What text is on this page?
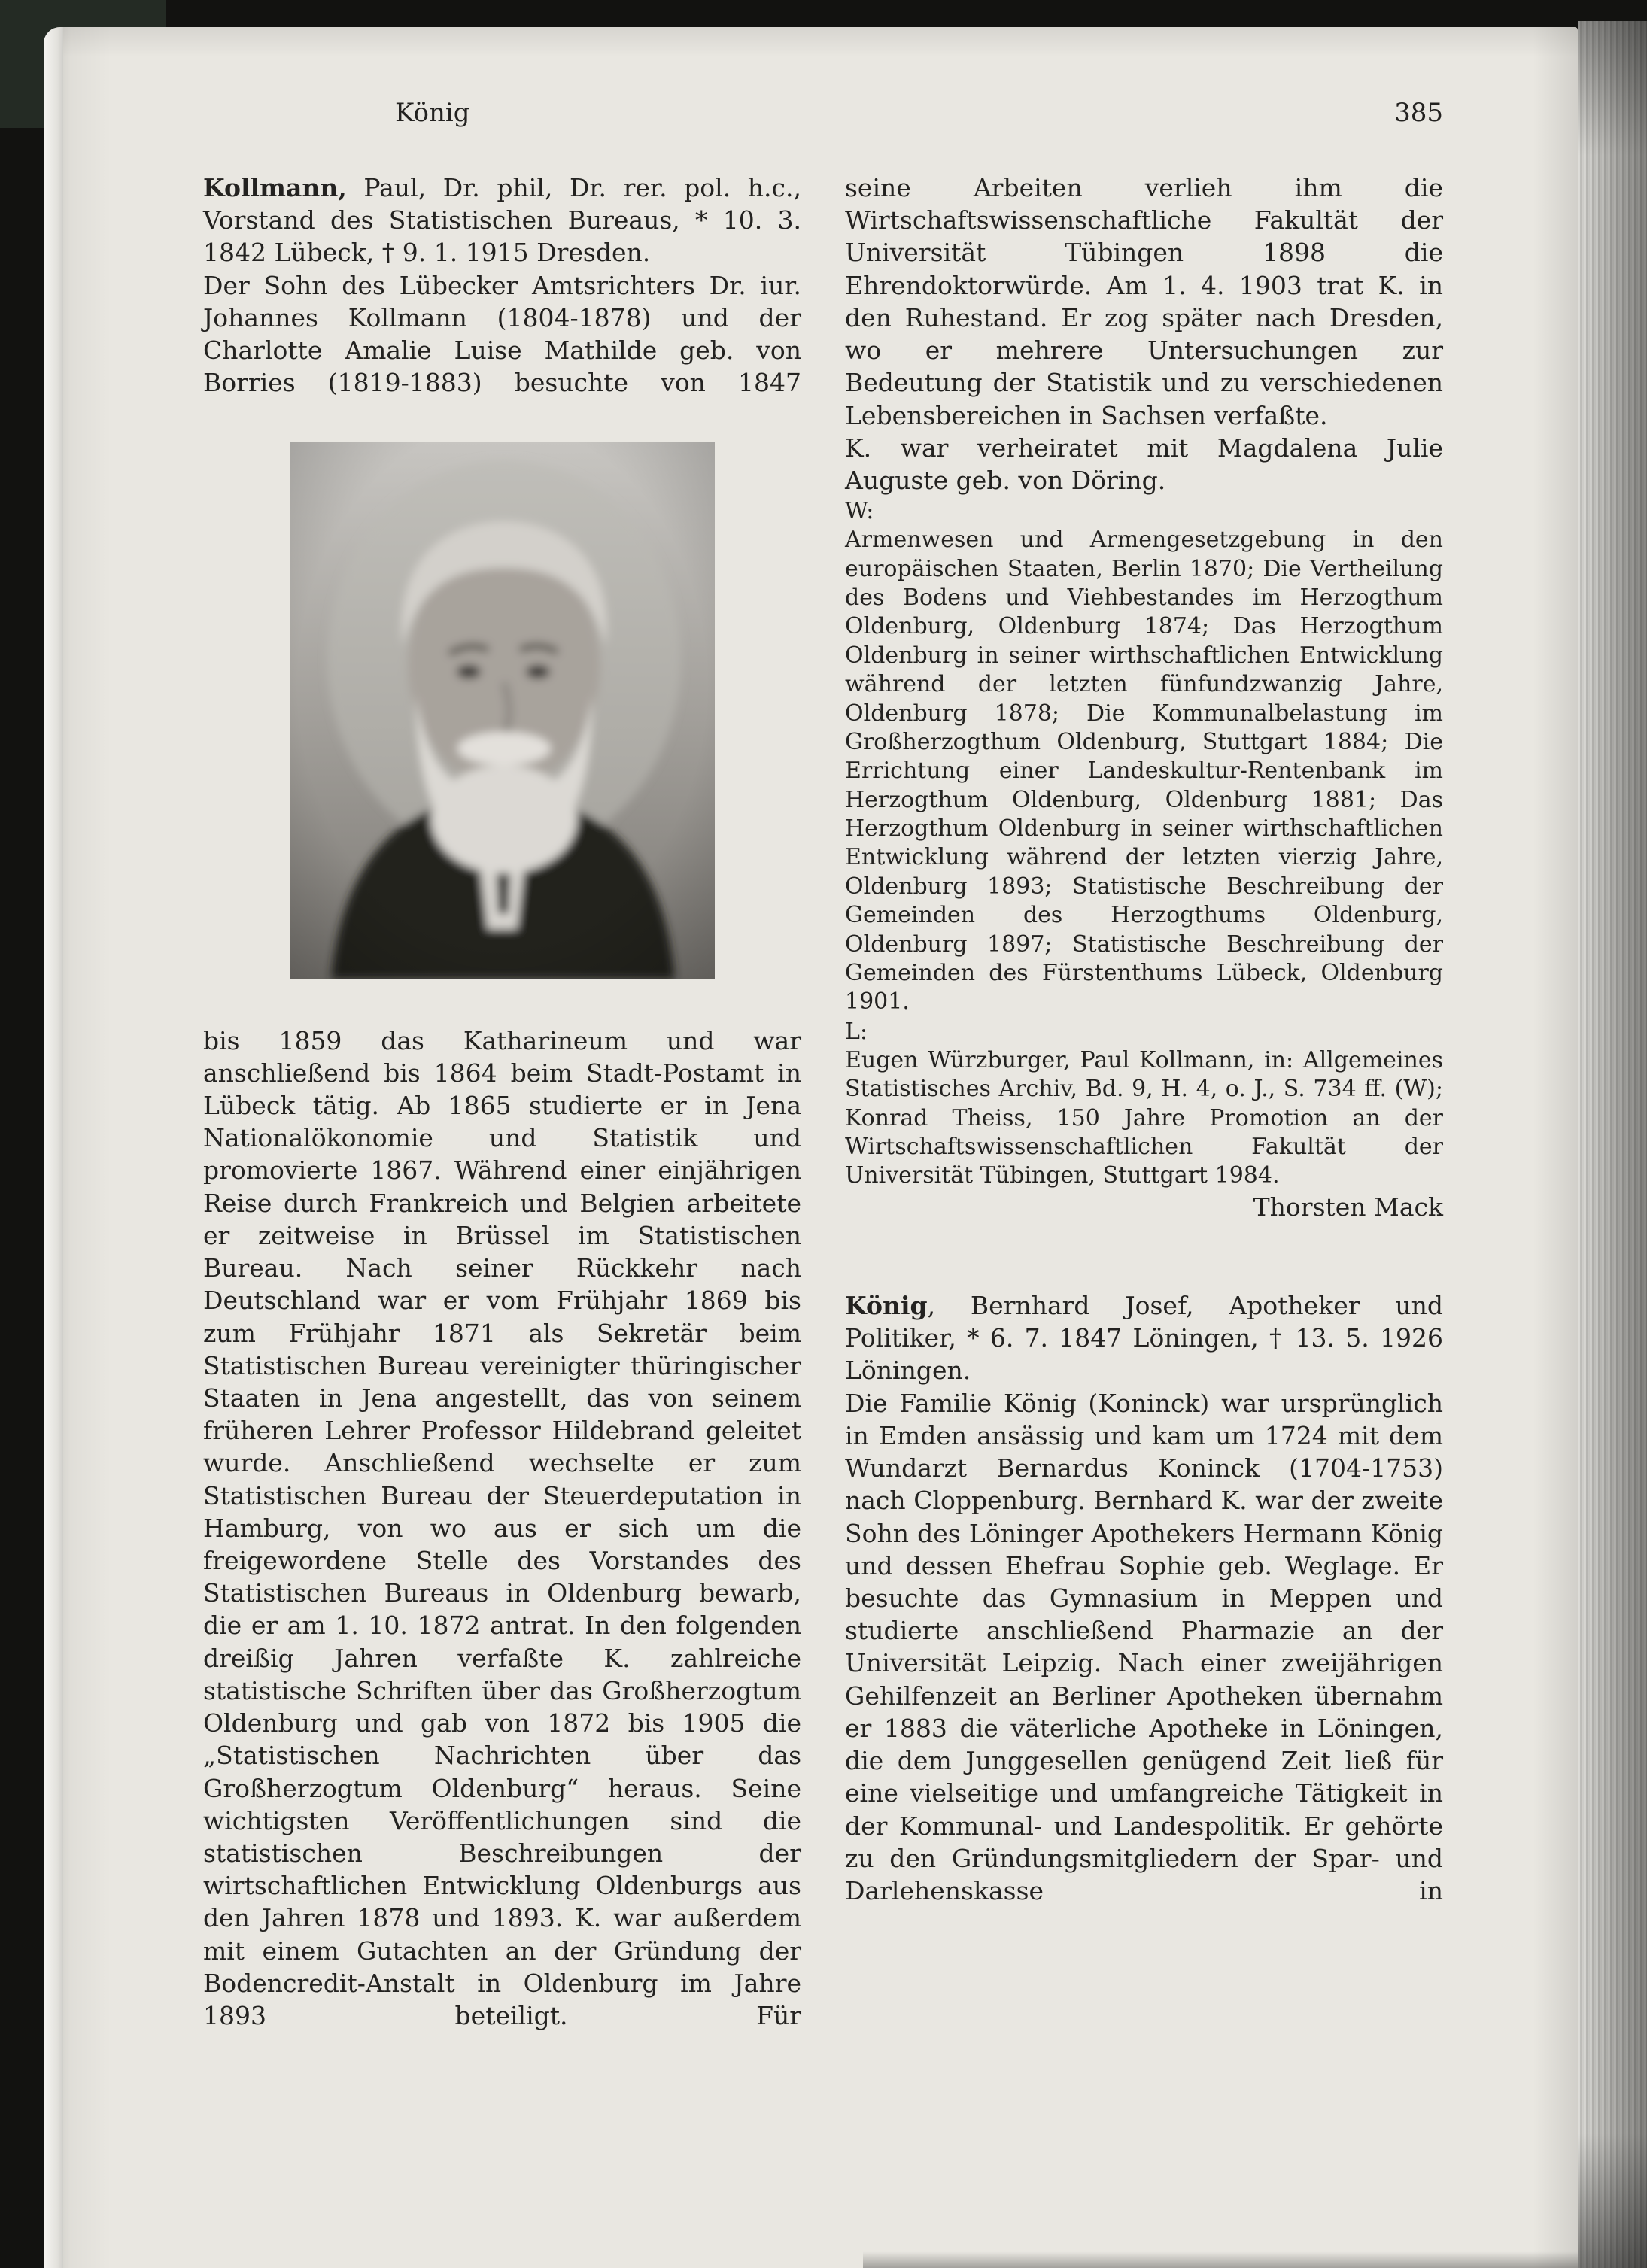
König	385

Kollmann, Paul, Dr. phil, Dr. rer. pol. h.c., Vorstand des Statistischen Bureaus, * 10. 3. 1842 Lübeck, † 9. 1. 1915 Dresden.

Der Sohn des Lübecker Amtsrichters Dr. iur. Johannes Kollmann (1804-1878) und der Charlotte Amalie Luise Mathilde geb. von Borries (1819-1883) besuchte von 1847

bis 1859 das Katharineum und war anschließend bis 1864 beim Stadt-Postamt in Lübeck tätig. Ab 1865 studierte er in Jena Nationalökonomie und Statistik und promovierte 1867. Während einer einjährigen Reise durch Frankreich und Belgien arbeitete er zeitweise in Brüssel im Statistischen Bureau. Nach seiner Rückkehr nach Deutschland war er vom Frühjahr 1869 bis zum Frühjahr 1871 als Sekretär beim Statistischen Bureau vereinigter thüringischer Staaten in Jena angestellt, das von seinem früheren Lehrer Professor Hildebrand geleitet wurde. Anschließend wechselte er zum Statistischen Bureau der Steuerdeputation in Hamburg, von wo aus er sich um die freigewordene Stelle des Vorstandes des Statistischen Bureaus in Oldenburg bewarb, die er am 1. 10. 1872 antrat. In den folgenden dreißig Jahren verfaßte K. zahlreiche statistische Schriften über das Großherzogtum Oldenburg und gab von 1872 bis 1905 die „Statistischen Nachrichten über das Großherzogtum Oldenburg“ heraus. Seine wichtigsten Veröffentlichungen sind die statistischen Beschreibungen der wirtschaftlichen Entwicklung Oldenburgs aus den Jahren 1878 und 1893. K. war außerdem mit einem Gutachten an der Gründung der Bodencredit-Anstalt in Oldenburg im Jahre 1893 beteiligt. Für

seine Arbeiten verlieh ihm die Wirtschaftswissenschaftliche Fakultät der Universität Tübingen 1898 die Ehrendoktorwürde. Am 1. 4. 1903 trat K. in den Ruhestand. Er zog später nach Dresden, wo er mehrere Untersuchungen zur Bedeutung der Statistik und zu verschiedenen Lebensbereichen in Sachsen verfaßte.

K. war verheiratet mit Magdalena Julie Auguste geb. von Döring.

W:

Armenwesen und Armengesetzgebung in den europäischen Staaten, Berlin 1870; Die Vertheilung des Bodens und Viehbestandes im Herzogthum Oldenburg, Oldenburg 1874; Das Herzogthum Oldenburg in seiner wirthschaftlichen Entwicklung während der letzten fünfundzwanzig Jahre, Oldenburg 1878; Die Kommunalbelastung im Großherzogthum Oldenburg, Stuttgart 1884; Die Errichtung einer Landeskultur-Rentenbank im Herzogthum Oldenburg, Oldenburg 1881; Das Herzogthum Oldenburg in seiner wirthschaftlichen Entwicklung während der letzten vierzig Jahre, Oldenburg 1893; Statistische Beschreibung der Gemeinden des Herzogthums Oldenburg, Oldenburg 1897; Statistische Beschreibung der Gemeinden des Fürstenthums Lübeck, Oldenburg 1901.

L:

Eugen Würzburger, Paul Kollmann, in: Allgemeines Statistisches Archiv, Bd. 9, H. 4, o. J., S. 734 ff. (W); Konrad Theiss, 150 Jahre Promotion an der Wirtschaftswissenschaftlichen Fakultät der Universität Tübingen, Stuttgart 1984.

Thorsten Mack

König, Bernhard Josef, Apotheker und Politiker, * 6. 7. 1847 Löningen, † 13. 5. 1926 Löningen.

Die Familie König (Koninck) war ursprünglich in Emden ansässig und kam um 1724 mit dem Wundarzt Bernardus Koninck (1704-1753) nach Cloppenburg. Bernhard K. war der zweite Sohn des Löninger Apothekers Hermann König und dessen Ehefrau Sophie geb. Weglage. Er besuchte das Gymnasium in Meppen und studierte anschließend Pharmazie an der Universität Leipzig. Nach einer zweijährigen Gehilfenzeit an Berliner Apotheken übernahm er 1883 die väterliche Apotheke in Löningen, die dem Junggesellen genügend Zeit ließ für eine vielseitige und umfangreiche Tätigkeit in der Kommunal- und Landespolitik. Er gehörte zu den Gründungsmitgliedern der Spar- und Darlehenskasse in
